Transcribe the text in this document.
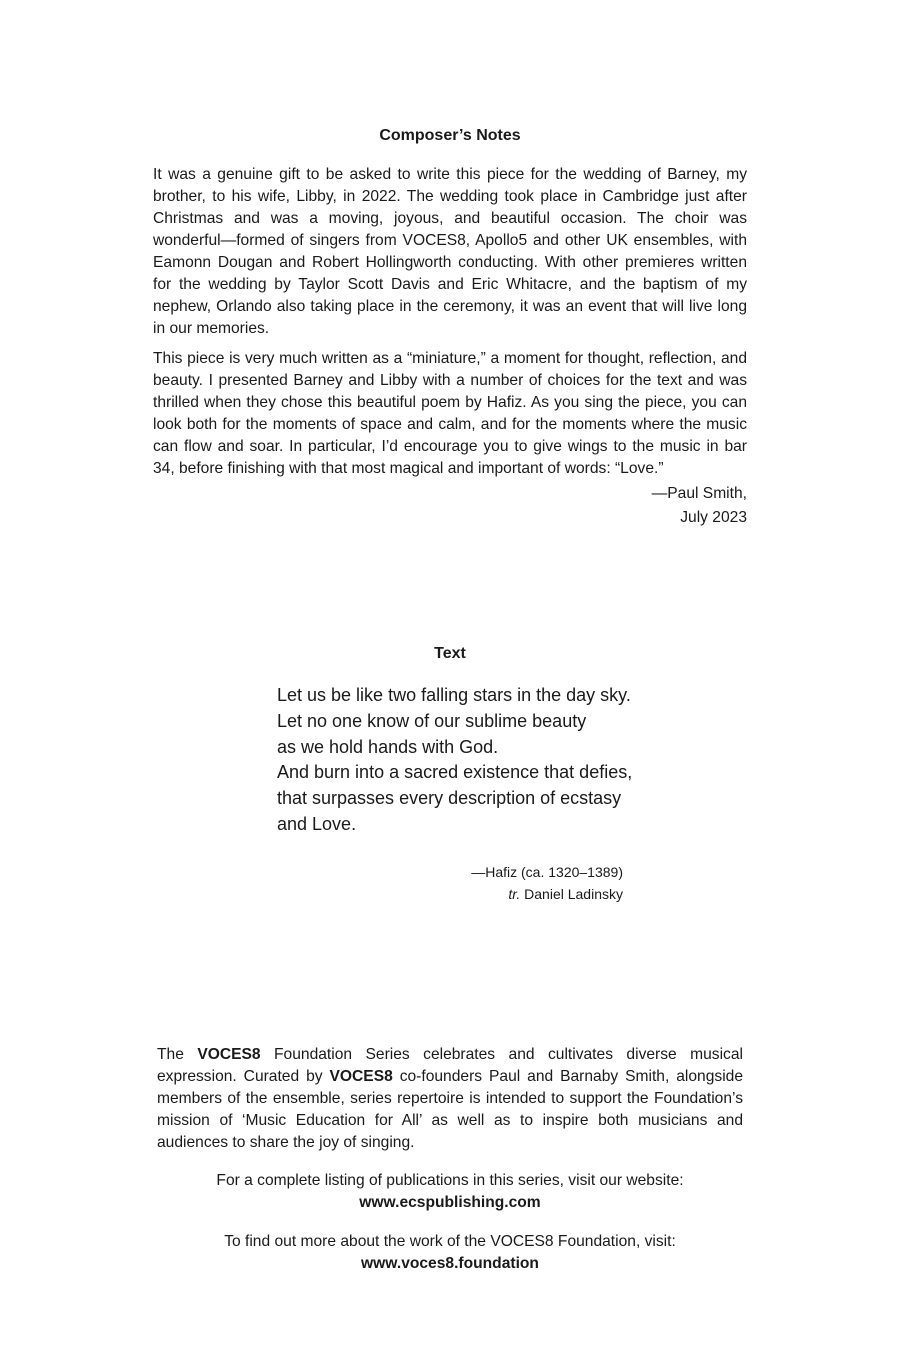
Composer’s Notes

It was a genuine gift to be asked to write this piece for the wedding of Barney, my brother, to his wife, Libby, in 2022. The wedding took place in Cambridge just after Christmas and was a moving, joyous, and beautiful occasion. The choir was wonderful—formed of singers from VOCES8, Apollo5 and other UK ensembles, with Eamonn Dougan and Robert Hollingworth conducting. With other premieres written for the wedding by Taylor Scott Davis and Eric Whitacre, and the baptism of my nephew, Orlando also taking place in the ceremony, it was an event that will live long in our memories.

This piece is very much written as a “miniature,” a moment for thought, reflection, and beauty. I presented Barney and Libby with a number of choices for the text and was thrilled when they chose this beautiful poem by Hafiz. As you sing the piece, you can look both for the moments of space and calm, and for the moments where the music can flow and soar. In particular, I’d encourage you to give wings to the music in bar 34, before finishing with that most magical and important of words: “Love.”

—Paul Smith,
July 2023
Text
Let us be like two falling stars in the day sky.
Let no one know of our sublime beauty
as we hold hands with God.
And burn into a sacred existence that defies,
that surpasses every description of ecstasy
and Love.
—Hafiz (ca. 1320–1389)
tr. Daniel Ladinsky
The VOCES8 Foundation Series celebrates and cultivates diverse musical expression. Curated by VOCES8 co-founders Paul and Barnaby Smith, alongside members of the ensemble, series repertoire is intended to support the Foundation’s mission of ‘Music Education for All’ as well as to inspire both musicians and audiences to share the joy of singing.
For a complete listing of publications in this series, visit our website:
www.ecspublishing.com
To find out more about the work of the VOCES8 Foundation, visit:
www.voces8.foundation
